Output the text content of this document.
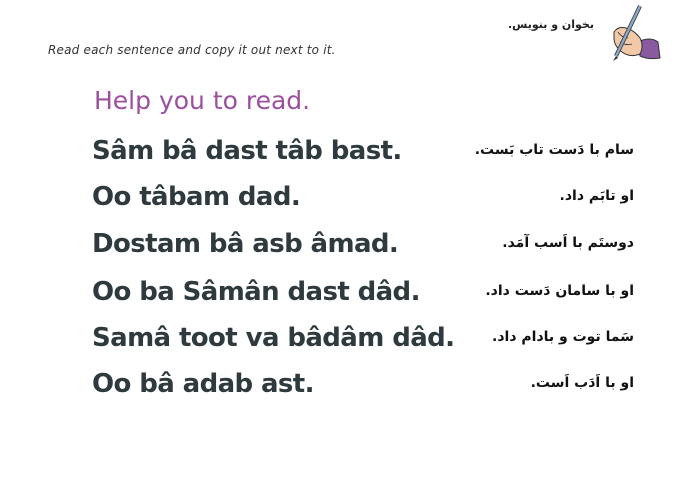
بخوان و بنویس.
Read each sentence and copy it out next to it.
Help you to read.
Sâm bâ dast tâb bast.	سام با دَست تاب بَست.
Oo tâbam dad.	او تابَم داد.
Dostam bâ asb âmad.	دوستَم با اَسب آمَد.
Oo ba Sâmân dast dâd.	او با سامان دَست داد.
Samâ toot va bâdâm dâd.	سَما توت و بادام داد.
Oo bâ adab ast.	او با اَدَب اَست.
